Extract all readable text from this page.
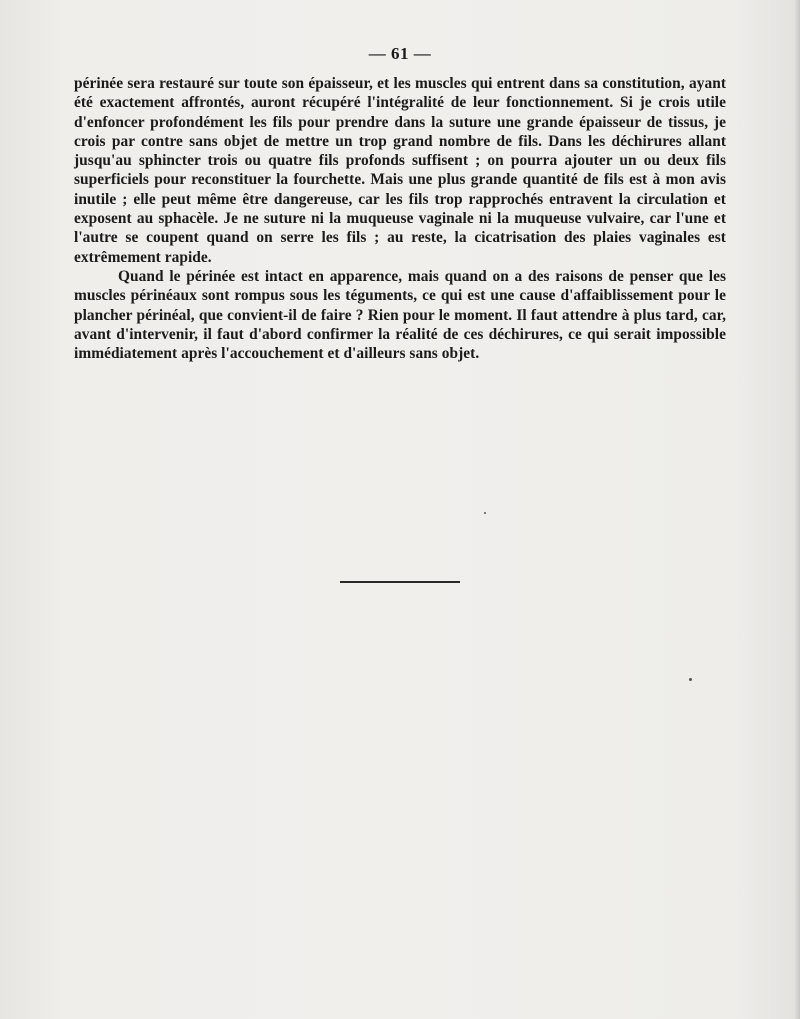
— 61 —

périnée sera restauré sur toute son épaisseur, et les muscles qui entrent dans sa constitution, ayant été exactement affrontés, auront récupéré l'intégralité de leur fonctionnement. Si je crois utile d'enfoncer profondément les fils pour prendre dans la suture une grande épaisseur de tissus, je crois par contre sans objet de mettre un trop grand nombre de fils. Dans les déchirures allant jusqu'au sphincter trois ou quatre fils profonds suffisent ; on pourra ajouter un ou deux fils superficiels pour reconstituer la fourchette. Mais une plus grande quantité de fils est à mon avis inutile ; elle peut même être dangereuse, car les fils trop rapprochés entravent la circulation et exposent au sphacèle. Je ne suture ni la muqueuse vaginale ni la muqueuse vulvaire, car l'une et l'autre se coupent quand on serre les fils ; au reste, la cicatrisation des plaies vaginales est extrêmement rapide.

Quand le périnée est intact en apparence, mais quand on a des raisons de penser que les muscles périnéaux sont rompus sous les téguments, ce qui est une cause d'affaiblissement pour le plancher périnéal, que convient-il de faire ? Rien pour le moment. Il faut attendre à plus tard, car, avant d'intervenir, il faut d'abord confirmer la réalité de ces déchirures, ce qui serait impossible immédiatement après l'accouchement et d'ailleurs sans objet.
